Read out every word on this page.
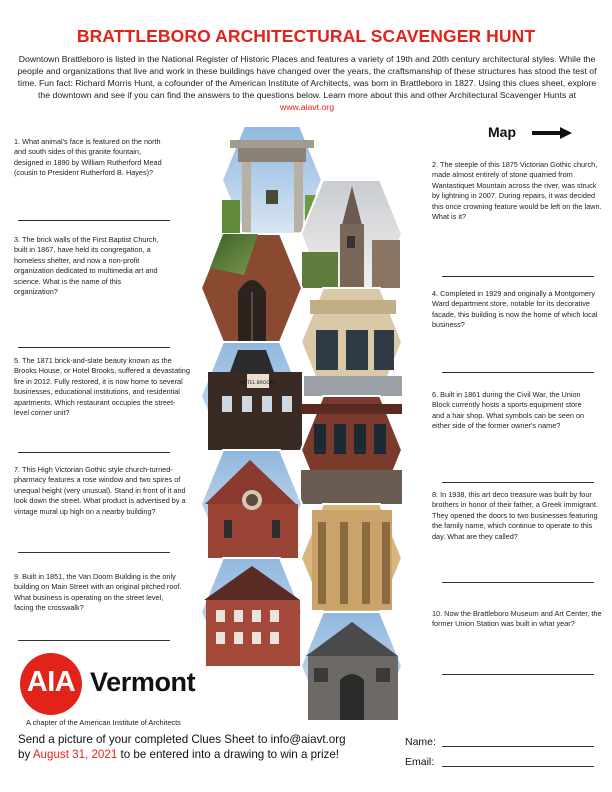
BRATTLEBORO ARCHITECTURAL SCAVENGER HUNT
Downtown Brattleboro is listed in the National Register of Historic Places and features a variety of 19th and 20th century architectural styles. While the people and organizations that live and work in these buildings have changed over the years, the craftsmanship of these structures has stood the test of time. Fun fact: Richard Morris Hunt, a cofounder of the American Institute of Architects, was born in Brattleboro in 1827. Using this clues sheet, explore the downtown and see if you can find the answers to the questions below. Learn more about this and other Architectural Scavenger Hunts at www.aiavt.org
Map
1. What animal's face is featured on the north and south sides of this granite fountain, designed in 1890 by William Rutherford Mead (cousin to President Rutherford B. Hayes)?
3. The brick walls of the First Baptist Church, built in 1867, have held its congregation, a homeless shelter, and now a non-profit organization dedicated to multimedia art and science. What is the name of this organization?
5. The 1871 brick-and-slate beauty known as the Brooks House, or Hotel Brooks, suffered a devastating fire in 2012. Fully restored, it is now home to several businesses, educational institutions, and residential apartments. Which restaurant occupies the street-level corner unit?
7. This High Victorian Gothic style church-turned-pharmacy features a rose window and two spires of unequal height (very unusual). Stand in front of it and look down the street. What product is advertised by a vintage mural up high on a nearby building?
9. Built in 1851, the Van Doorn Building is the only building on Main Street with an original pitched roof. What business is operating on the street level, facing the crosswalk?
2. The steeple of this 1875 Victorian Gothic church, made almost entirely of stone quarried from Wantastiquet Mountain across the river, was struck by lightning in 2007. During repairs, it was decided this once crowning feature would be left on the lawn. What is it?
4. Completed in 1929 and originally a Montgomery Ward department store, notable for its decorative facade, this building is now the home of which local business?
6. Built in 1861 during the Civil War, the Union Block currently hosts a sports equipment store and a hair shop. What symbols can be seen on either side of the former owner's name?
8. In 1938, this art deco treasure was built by four brothers in honor of their father, a Greek immigrant. They opened the doors to two businesses featuring the family name, which continue to operate to this day. What are they called?
10. Now the Brattleboro Museum and Art Center, the former Union Station was built in what year?
HOTEL BROOKS
AIA Vermont
A chapter of the American Institute of Architects
Send a picture of your completed Clues Sheet to info@aiavt.org
by August 31, 2021 to be entered into a drawing to win a prize!
Name:
Email:
